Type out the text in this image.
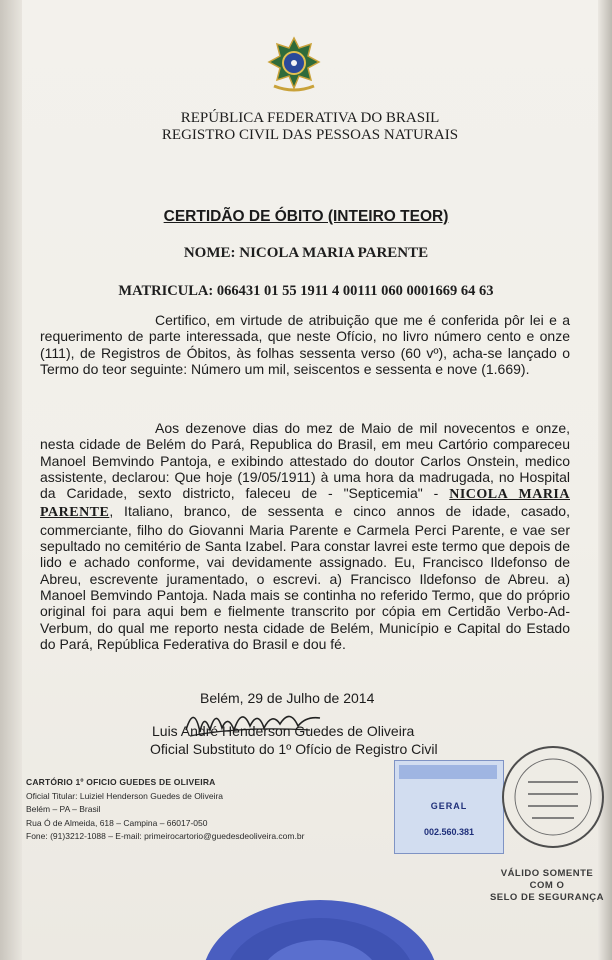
REPÚBLICA FEDERATIVA DO BRASIL
REGISTRO CIVIL DAS PESSOAS NATURAIS
CERTIDÃO DE ÓBITO (INTEIRO TEOR)
NOME: NICOLA MARIA PARENTE
MATRICULA: 066431 01 55 1911 4 00111 060 0001669 64 63
Certifico, em virtude de atribuição que me é conferida pôr lei e a requerimento de parte interessada, que neste Ofício, no livro número cento e onze (111), de Registros de Óbitos, às folhas sessenta verso (60 vº), acha-se lançado o Termo do teor seguinte: Número um mil, seiscentos e sessenta e nove (1.669).
Aos dezenove dias do mez de Maio de mil novecentos e onze, nesta cidade de Belém do Pará, Republica do Brasil, em meu Cartório compareceu Manoel Bemvindo Pantoja, e exibindo attestado do doutor Carlos Onstein, medico assistente, declarou: Que hoje (19/05/1911) à uma hora da madrugada, no Hospital da Caridade, sexto districto, faleceu de - "Septicemia" - NICOLA MARIA PARENTE, Italiano, branco, de sessenta e cinco annos de idade, casado, commerciante, filho do Giovanni Maria Parente e Carmela Perci Parente, e vae ser sepultado no cemitério de Santa Izabel. Para constar lavrei este termo que depois de lido e achado conforme, vai devidamente assignado. Eu, Francisco Ildefonso de Abreu, escrevente juramentado, o escrevi. a) Francisco Ildefonso de Abreu. a) Manoel Bemvindo Pantoja. Nada mais se continha no referido Termo, que do próprio original foi para aqui bem e fielmente transcrito por cópia em Certidão Verbo-Ad-Verbum, do qual me reporto nesta cidade de Belém, Município e Capital do Estado do Pará, República Federativa do Brasil e dou fé.
Belém, 29 de Julho de 2014
Luis André Henderson Guedes de Oliveira
Oficial Substituto do 1º Ofício de Registro Civil
CARTÓRIO 1º OFICIO GUEDES DE OLIVEIRA
Oficial Titular: Luiziel Henderson Guedes de Oliveira
Belém – PA – Brasil
Rua Ó de Almeida, 618 – Campina – 66017-050
Fone: (91)3212-1088 – E-mail: primeirocartorio@guedesdeoliveira.com.br
GERAL
002.560.381
VÁLIDO SOMENTE COM O
SELO DE SEGURANÇA
